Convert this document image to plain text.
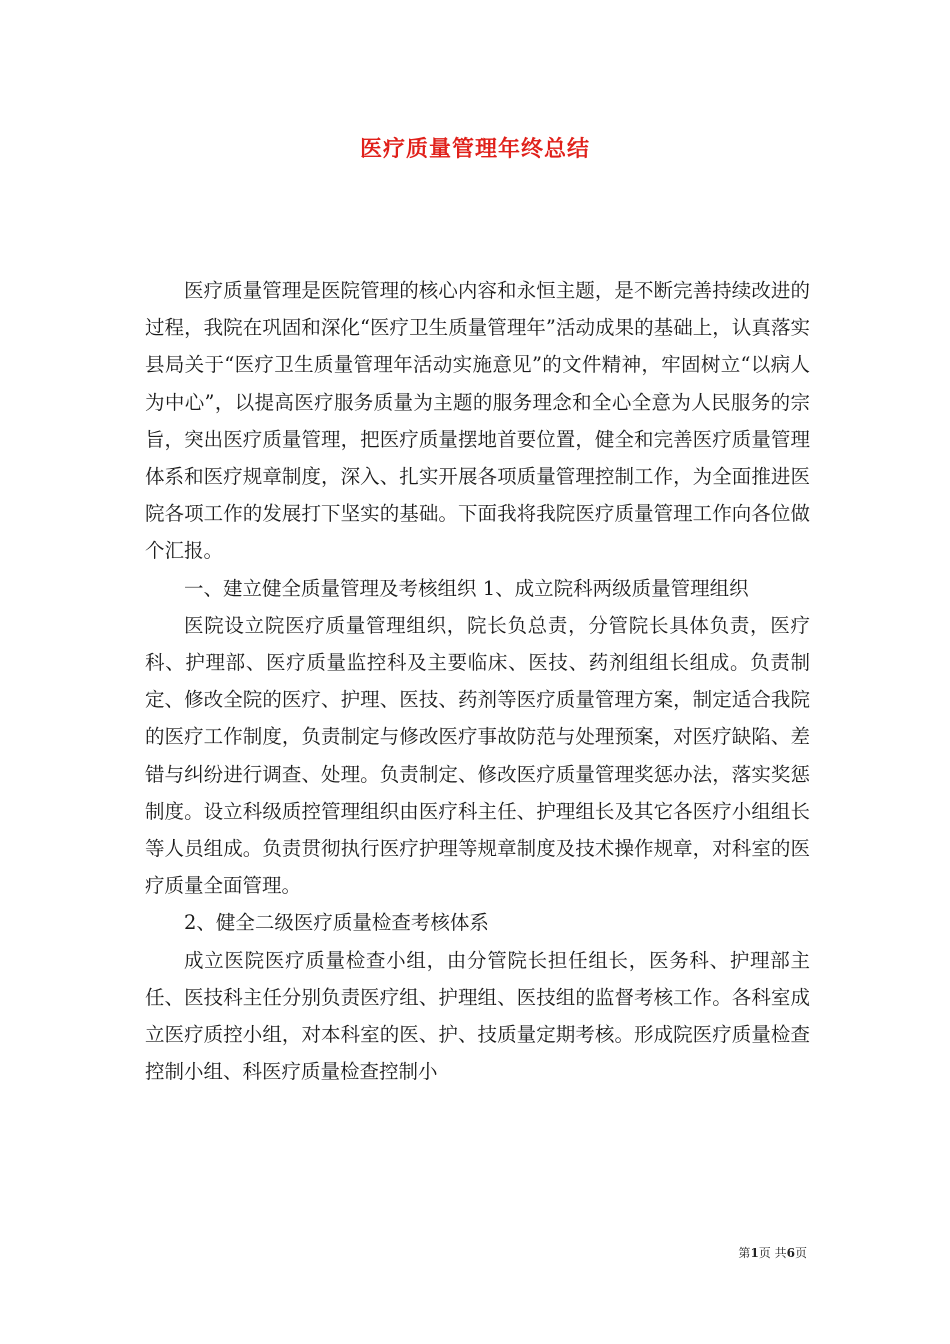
医疗质量管理年终总结

医疗质量管理是医院管理的核心内容和永恒主题，是不断完善持续改进的过程，我院在巩固和深化“医疗卫生质量管理年”活动成果的基础上，认真落实县局关于“医疗卫生质量管理年活动实施意见”的文件精神，牢固树立“以病人为中心”，以提高医疗服务质量为主题的服务理念和全心全意为人民服务的宗旨，突出医疗质量管理，把医疗质量摆地首要位置，健全和完善医疗质量管理体系和医疗规章制度，深入、扎实开展各项质量管理控制工作，为全面推进医院各项工作的发展打下坚实的基础。下面我将我院医疗质量管理工作向各位做个汇报。

一、建立健全质量管理及考核组织 1、成立院科两级质量管理组织

医院设立院医疗质量管理组织，院长负总责，分管院长具体负责，医疗科、护理部、医疗质量监控科及主要临床、医技、药剂组组长组成。负责制定、修改全院的医疗、护理、医技、药剂等医疗质量管理方案，制定适合我院的医疗工作制度，负责制定与修改医疗事故防范与处理预案，对医疗缺陷、差错与纠纷进行调查、处理。负责制定、修改医疗质量管理奖惩办法，落实奖惩制度。设立科级质控管理组织由医疗科主任、护理组长及其它各医疗小组组长等人员组成。负责贯彻执行医疗护理等规章制度及技术操作规章，对科室的医疗质量全面管理。

2、健全二级医疗质量检查考核体系

成立医院医疗质量检查小组，由分管院长担任组长，医务科、护理部主任、医技科主任分别负责医疗组、护理组、医技组的监督考核工作。各科室成立医疗质控小组，对本科室的医、护、技质量定期考核。形成院医疗质量检查控制小组、科医疗质量检查控制小

第1页 共6页
